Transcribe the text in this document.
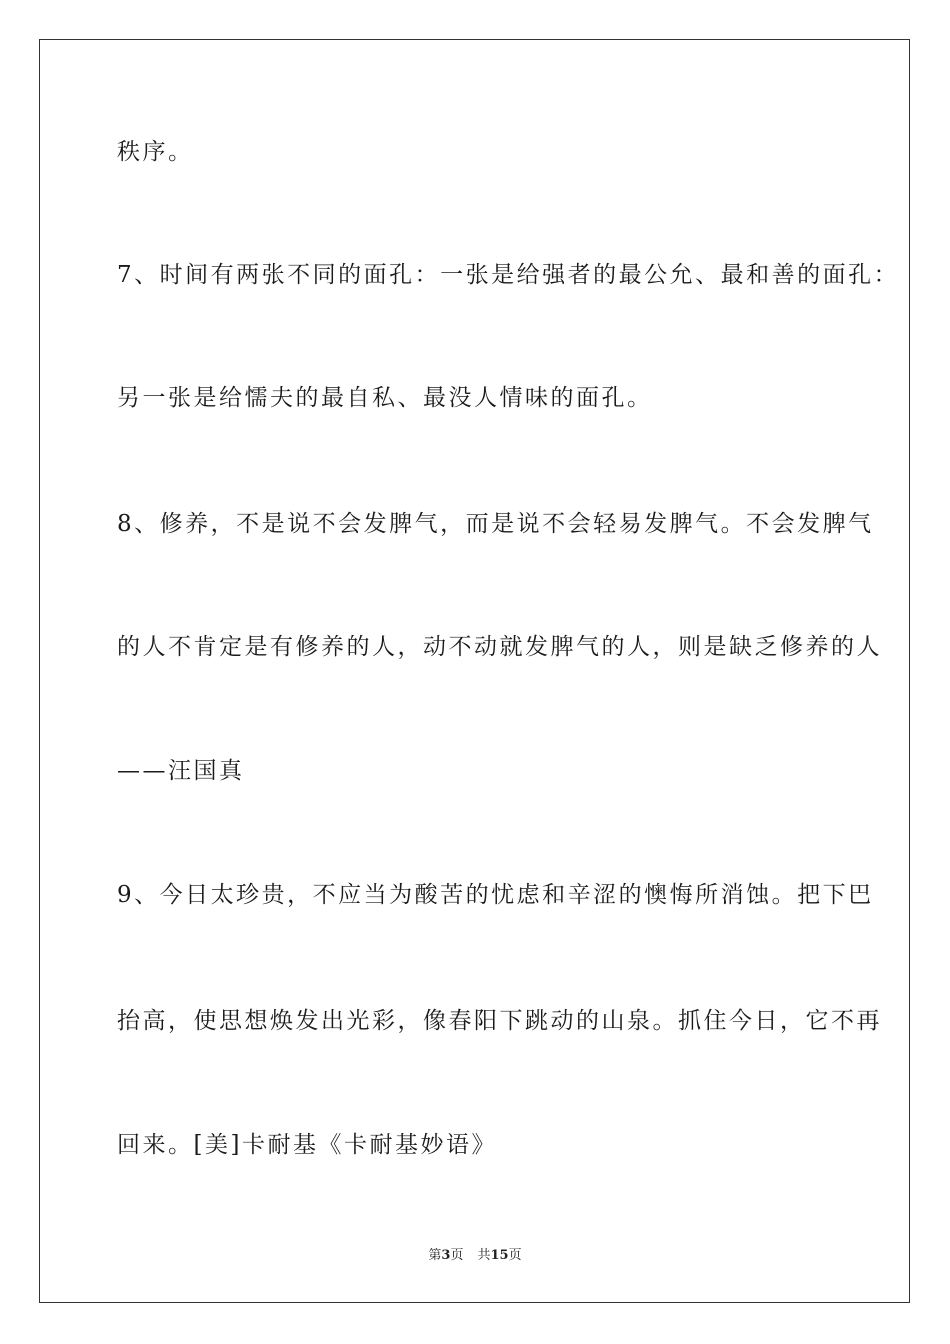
秩序。
7、时间有两张不同的面孔：一张是给强者的最公允、最和善的面孔：
另一张是给懦夫的最自私、最没人情味的面孔。
8、修养，不是说不会发脾气，而是说不会轻易发脾气。不会发脾气
的人不肯定是有修养的人，动不动就发脾气的人，则是缺乏修养的人
——汪国真
9、今日太珍贵，不应当为酸苦的忧虑和辛涩的懊悔所消蚀。把下巴
抬高，使思想焕发出光彩，像春阳下跳动的山泉。抓住今日，它不再
回来。[美]卡耐基《卡耐基妙语》
第3页 共15页
